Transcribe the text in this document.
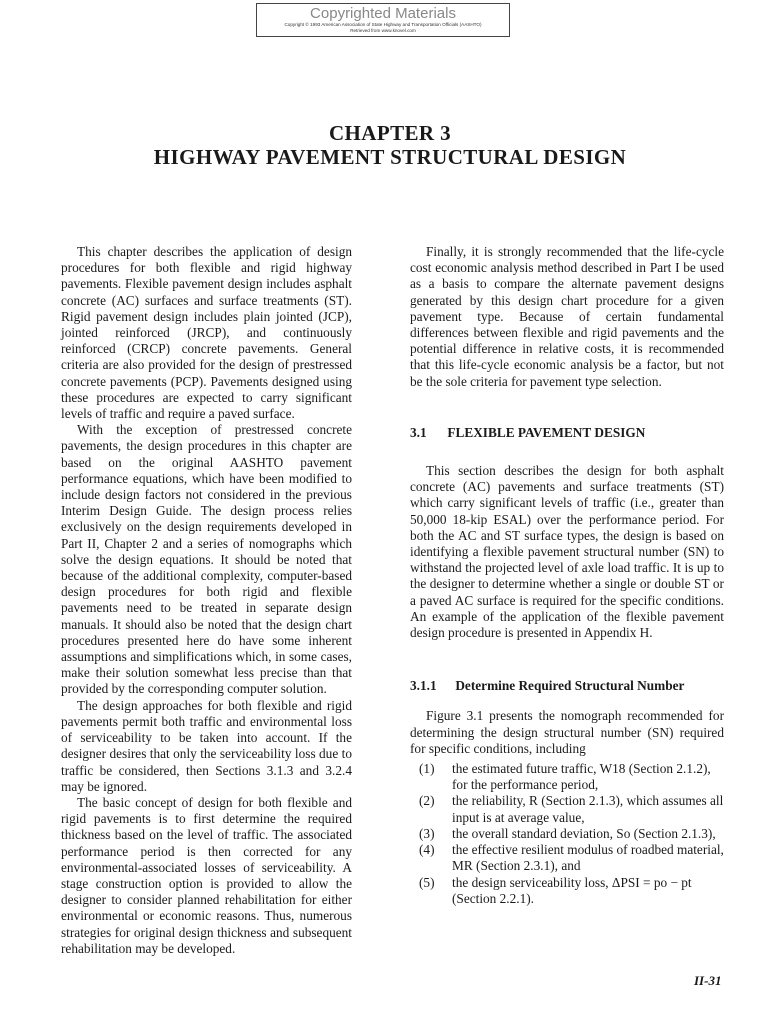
Copyrighted Materials
Copyright © 1993 American Association of State Highway and Transportation Officials (AASHTO)
Retrieved from www.knovel.com
CHAPTER 3
HIGHWAY PAVEMENT STRUCTURAL DESIGN

This chapter describes the application of design procedures for both flexible and rigid highway pavements. Flexible pavement design includes asphalt concrete (AC) surfaces and surface treatments (ST). Rigid pavement design includes plain jointed (JCP), jointed reinforced (JRCP), and continuously reinforced (CRCP) concrete pavements. General criteria are also provided for the design of prestressed concrete pavements (PCP). Pavements designed using these procedures are expected to carry significant levels of traffic and require a paved surface.

With the exception of prestressed concrete pavements, the design procedures in this chapter are based on the original AASHTO pavement performance equations, which have been modified to include design factors not considered in the previous Interim Design Guide. The design process relies exclusively on the design requirements developed in Part II, Chapter 2 and a series of nomographs which solve the design equations. It should be noted that because of the additional complexity, computer-based design procedures for both rigid and flexible pavements need to be treated in separate design manuals. It should also be noted that the design chart procedures presented here do have some inherent assumptions and simplifications which, in some cases, make their solution somewhat less precise than that provided by the corresponding computer solution.

The design approaches for both flexible and rigid pavements permit both traffic and environmental loss of serviceability to be taken into account. If the designer desires that only the serviceability loss due to traffic be considered, then Sections 3.1.3 and 3.2.4 may be ignored.

The basic concept of design for both flexible and rigid pavements is to first determine the required thickness based on the level of traffic. The associated performance period is then corrected for any environmental-associated losses of serviceability. A stage construction option is provided to allow the designer to consider planned rehabilitation for either environmental or economic reasons. Thus, numerous strategies for original design thickness and subsequent rehabilitation may be developed.

Finally, it is strongly recommended that the life-cycle cost economic analysis method described in Part I be used as a basis to compare the alternate pavement designs generated by this design chart procedure for a given pavement type. Because of certain fundamental differences between flexible and rigid pavements and the potential difference in relative costs, it is recommended that this life-cycle economic analysis be a factor, but not be the sole criteria for pavement type selection.

3.1 FLEXIBLE PAVEMENT DESIGN

This section describes the design for both asphalt concrete (AC) pavements and surface treatments (ST) which carry significant levels of traffic (i.e., greater than 50,000 18-kip ESAL) over the performance period. For both the AC and ST surface types, the design is based on identifying a flexible pavement structural number (SN) to withstand the projected level of axle load traffic. It is up to the designer to determine whether a single or double ST or a paved AC surface is required for the specific conditions. An example of the application of the flexible pavement design procedure is presented in Appendix H.

3.1.1 Determine Required Structural Number

Figure 3.1 presents the nomograph recommended for determining the design structural number (SN) required for specific conditions, including

(1)	the estimated future traffic, W18 (Section 2.1.2), for the performance period,
(2)	the reliability, R (Section 2.1.3), which assumes all input is at average value,
(3)	the overall standard deviation, So (Section 2.1.3),
(4)	the effective resilient modulus of roadbed material, MR (Section 2.3.1), and
(5)	the design serviceability loss, ΔPSI = po − pt (Section 2.2.1).
II-31
